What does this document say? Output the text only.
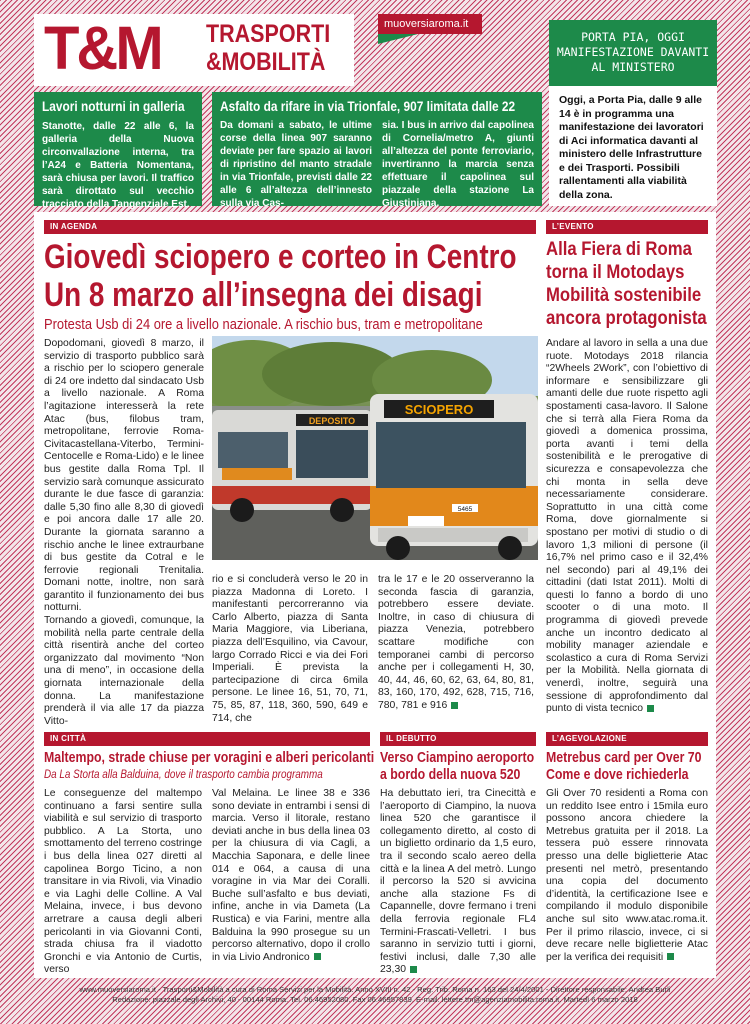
T&M TRASPORTI
&MOBILITÀ
muoversiaroma.it
PORTA PIA, OGGI MANIFESTAZIONE DAVANTI AL MINISTERO
Oggi, a Porta Pia, dalle 9 alle 14 è in programma una manifestazione dei lavoratori di Aci informatica davanti al ministero delle Infrastrutture e dei Trasporti. Possibili rallentamenti alla viabilità della zona.
Lavori notturni in galleria
Stanotte, dalle 22 alle 6, la galleria della Nuova circonvallazione interna, tra l’A24 e Batteria Nomentana, sarà chiusa per lavori. Il traffico sarà dirottato sul vecchio tracciato della Tangenziale Est.
Asfalto da rifare in via Trionfale, 907 limitata dalle 22
Da domani a sabato, le ultime corse della linea 907 saranno deviate per fare spazio ai lavori di ripristino del manto stradale in via Trionfale, previsti dalle 22 alle 6 all’altezza dell’innesto sulla via Cas-
sia. I bus in arrivo dal capolinea di Cornelia/metro A, giunti all’altezza del ponte ferroviario, invertiranno la marcia senza effettuare il capolinea sul piazzale della stazione La Giustiniana.
IN AGENDA
Giovedì sciopero e corteo in Centro
Un 8 marzo all’insegna dei disagi
Protesta Usb di 24 ore a livello nazionale. A rischio bus, tram e metropolitane
Dopodomani, giovedì 8 marzo, il servizio di trasporto pubblico sarà a rischio per lo sciopero generale di 24 ore indetto dal sindacato Usb a livello nazionale. A Roma l’agitazione interesserà la rete Atac (bus, filobus tram, metropolitane, ferrovie Roma-Civitacastellana-Viterbo, Termini-Centocelle e Roma-Lido) e le linee bus gestite dalla Roma Tpl. Il servizio sarà comunque assicurato durante le due fasce di garanzia: dalle 5,30 fino alle 8,30 di giovedì e poi ancora dalle 17 alle 20. Durante la giornata saranno a rischio anche le linee extraurbane di bus gestite da Cotral e le ferrovie regionali Trenitalia. Domani notte, inoltre, non sarà garantito il funzionamento dei bus notturni.
Tornando a giovedì, comunque, la mobilità nella parte centrale della città risentirà anche del corteo organizzato dal movimento “Non una di meno”, in occasione della giornata internazionale della donna. La manifestazione prenderà il via alle 17 da piazza Vitto-
rio e si concluderà verso le 20 in piazza Madonna di Loreto. I manifestanti percorreranno via Carlo Alberto, piazza di Santa Maria Maggiore, via Liberiana, piazza dell’Esquilino, via Cavour, largo Corrado Ricci e via dei Fori Imperiali. È prevista la partecipazione di circa 6mila persone. Le linee 16, 51, 70, 71, 75, 85, 87, 118, 360, 590, 649 e 714, che
tra le 17 e le 20 osserveranno la seconda fascia di garanzia, potrebbero essere deviate. Inoltre, in caso di chiusura di piazza Venezia, potrebbero scattare modifiche con temporanei cambi di percorso anche per i collegamenti H, 30, 40, 44, 46, 60, 62, 63, 64, 80, 81, 83, 160, 170, 492, 628, 715, 716, 780, 781 e 916
L’EVENTO
Alla Fiera di Roma torna il Motodays Mobilità sostenibile ancora protagonista
Andare al lavoro in sella a una due ruote. Motodays 2018 rilancia “2Wheels 2Work”, con l’obiettivo di informare e sensibilizzare gli amanti delle due ruote rispetto agli spostamenti casa-lavoro. Il Salone che si terrà alla Fiera Roma da giovedì a domenica prossima, porta avanti i temi della sostenibilità e le prerogative di sicurezza e consapevolezza che chi monta in sella deve necessariamente considerare. Soprattutto in una città come Roma, dove giornalmente si spostano per motivi di studio o di lavoro 1,3 milioni di persone (il 16,7% nel primo caso e il 32,4% nel secondo) pari al 49,1% dei cittadini (dati Istat 2011). Molti di questi lo fanno a bordo di uno scooter o di una moto. Il programma di giovedì prevede anche un incontro dedicato al mobility manager aziendale e scolastico a cura di Roma Servizi per la Mobilità. Nella giornata di venerdì, inoltre, seguirà una sessione di approfondimento dal punto di vista tecnico
IN CITTÀ
Maltempo, strade chiuse per voragini e alberi pericolanti
Da La Storta alla Balduina, dove il trasporto cambia programma
Le conseguenze del maltempo continuano a farsi sentire sulla viabilità e sul servizio di trasporto pubblico. A La Storta, uno smottamento del terreno costringe i bus della linea 027 diretti al capolinea Borgo Ticino, a non transitare in via Rivoli, via Vinadio e via Laghi delle Colline. A Val Melaina, invece, i bus devono arretrare a causa degli alberi pericolanti in via Giovanni Conti, strada chiusa fra il viadotto Gronchi e via Antonio de Curtis, verso
Val Melaina. Le linee 38 e 336 sono deviate in entrambi i sensi di marcia. Verso il litorale, restano deviati anche in bus della linea 03 per la chiusura di via Cagli, a Macchia Saponara, e delle linee 014 e 064, a causa di una voragine in via Mar dei Coralli. Buche sull’asfalto e bus deviati, infine, anche in via Dameta (La Rustica) e via Farini, mentre alla Balduina la 990 prosegue su un percorso alternativo, dopo il crollo in via Livio Andronico
IL DEBUTTO
Verso Ciampino aeroporto
a bordo della nuova 520
Ha debuttato ieri, tra Cinecittà e l’aeroporto di Ciampino, la nuova linea 520 che garantisce il collegamento diretto, al costo di un biglietto ordinario da 1,5 euro, tra il secondo scalo aereo della città e la linea A del metrò. Lungo il percorso la 520 si avvicina anche alla stazione Fs di Capannelle, dovre fermano i treni della ferrovia regionale FL4 Termini-Frascati-Velletri. I bus saranno in servizio tutti i giorni, festivi inclusi, dalle 7,30 alle 23,30
L’AGEVOLAZIONE
Metrebus card per Over 70
Come e dove richiederla
Gli Over 70 residenti a Roma con un reddito Isee entro i 15mila euro possono ancora chiedere la Metrebus gratuita per il 2018. La tessera può essere rinnovata presso una delle biglietterie Atac presenti nel metrò, presentando una copia del documento d’identità, la certificazione Isee e compilando il modulo disponibile anche sul sito www.atac.roma.it. Per il primo rilascio, invece, ci si deve recare nelle biglietterie Atac per la verifica dei requisiti
DEPOSITO
SCIOPERO
5465
www.muoversiaroma.it - Trasporti&Mobilità a cura di Roma Servizi per la Mobilità. Anno XVIII n. 42 - Reg. Trib. Roma n. 163 del 24/4/2001 - Direttore responsabile: Andrea Burli
Redazione: piazzale degli Archivi, 40 - 00144 Roma. Tel. 06.46952080. Fax 06.46957839. E-mail: lettere.tm@agenziamobilita.roma.it. Martedì 6 marzo 2018
